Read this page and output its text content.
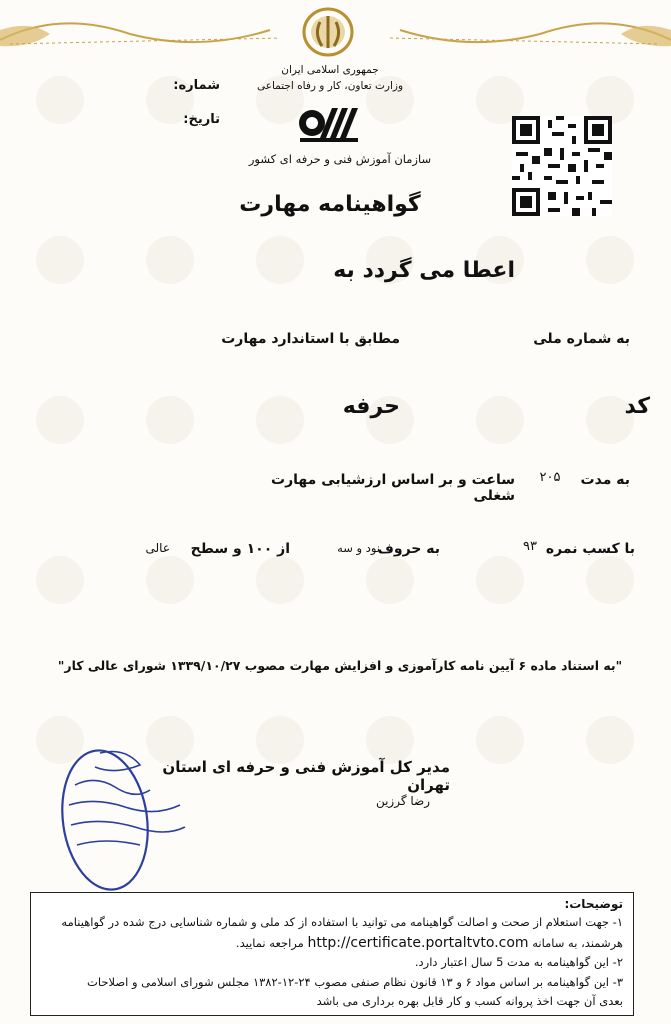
جمهوری اسلامی ایران
وزارت تعاون، کار و رفاه اجتماعی
شماره:
تاریخ:
سازمان آموزش فنی و حرفه ای کشور
گواهینامه مهارت
اعطا می گردد به
به شماره ملی
مطابق با استاندارد مهارت
کد
حرفه
به مدت
۲۰۵
ساعت و بر اساس ارزشیابی مهارت شغلی
با کسب نمره
۹۳
به حروف
نود و سه
از ۱۰۰ و سطح
عالی
"به استناد ماده ۶ آیین نامه کارآموزی و افزایش مهارت مصوب ۱۳۳۹/۱۰/۲۷ شورای عالی کار"
مدیر کل آموزش فنی و حرفه ای استان تهران
رضا گرزین
توضیحات:
۱- جهت استعلام از صحت و اصالت گواهینامه می توانید با استفاده از کد ملی و شماره شناسایی درج شده در گواهینامه
هرشمند، به سامانه http://certificate.portaltvto.com مراجعه نمایید.
۲- این گواهینامه به مدت 5 سال اعتبار دارد.
۳- این گواهینامه بر اساس مواد ۶ و ۱۳ قانون نظام صنفی مصوب ۲۴-۱۲-۱۳۸۲ مجلس شورای اسلامی و اصلاحات
بعدی آن جهت اخذ پروانه کسب و کار قابل بهره برداری می باشد
